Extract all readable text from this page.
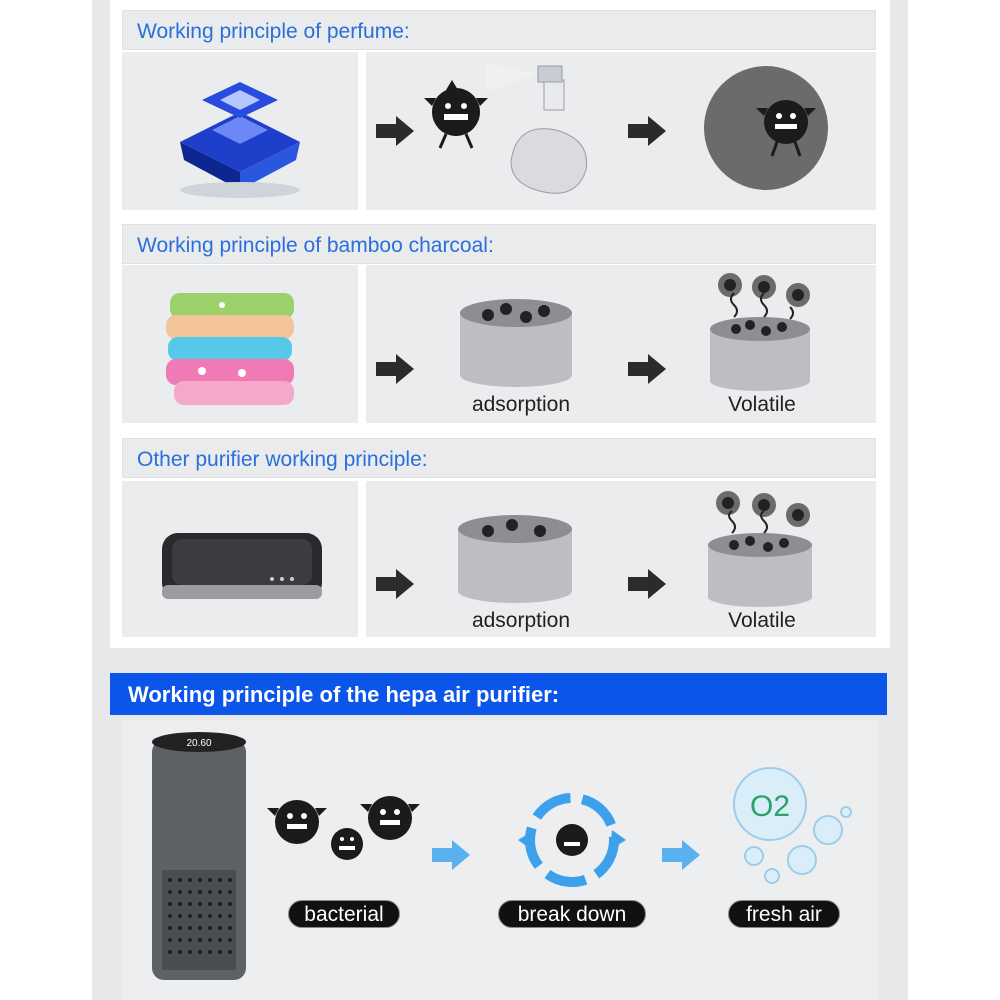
Working principle of perfume:
Working principle of bamboo charcoal:
adsorption	Volatile
Other purifier working principle:
adsorption	Volatile
Working principle of the hepa air purifier:
20.60
O2
bacterial	break down	fresh air
